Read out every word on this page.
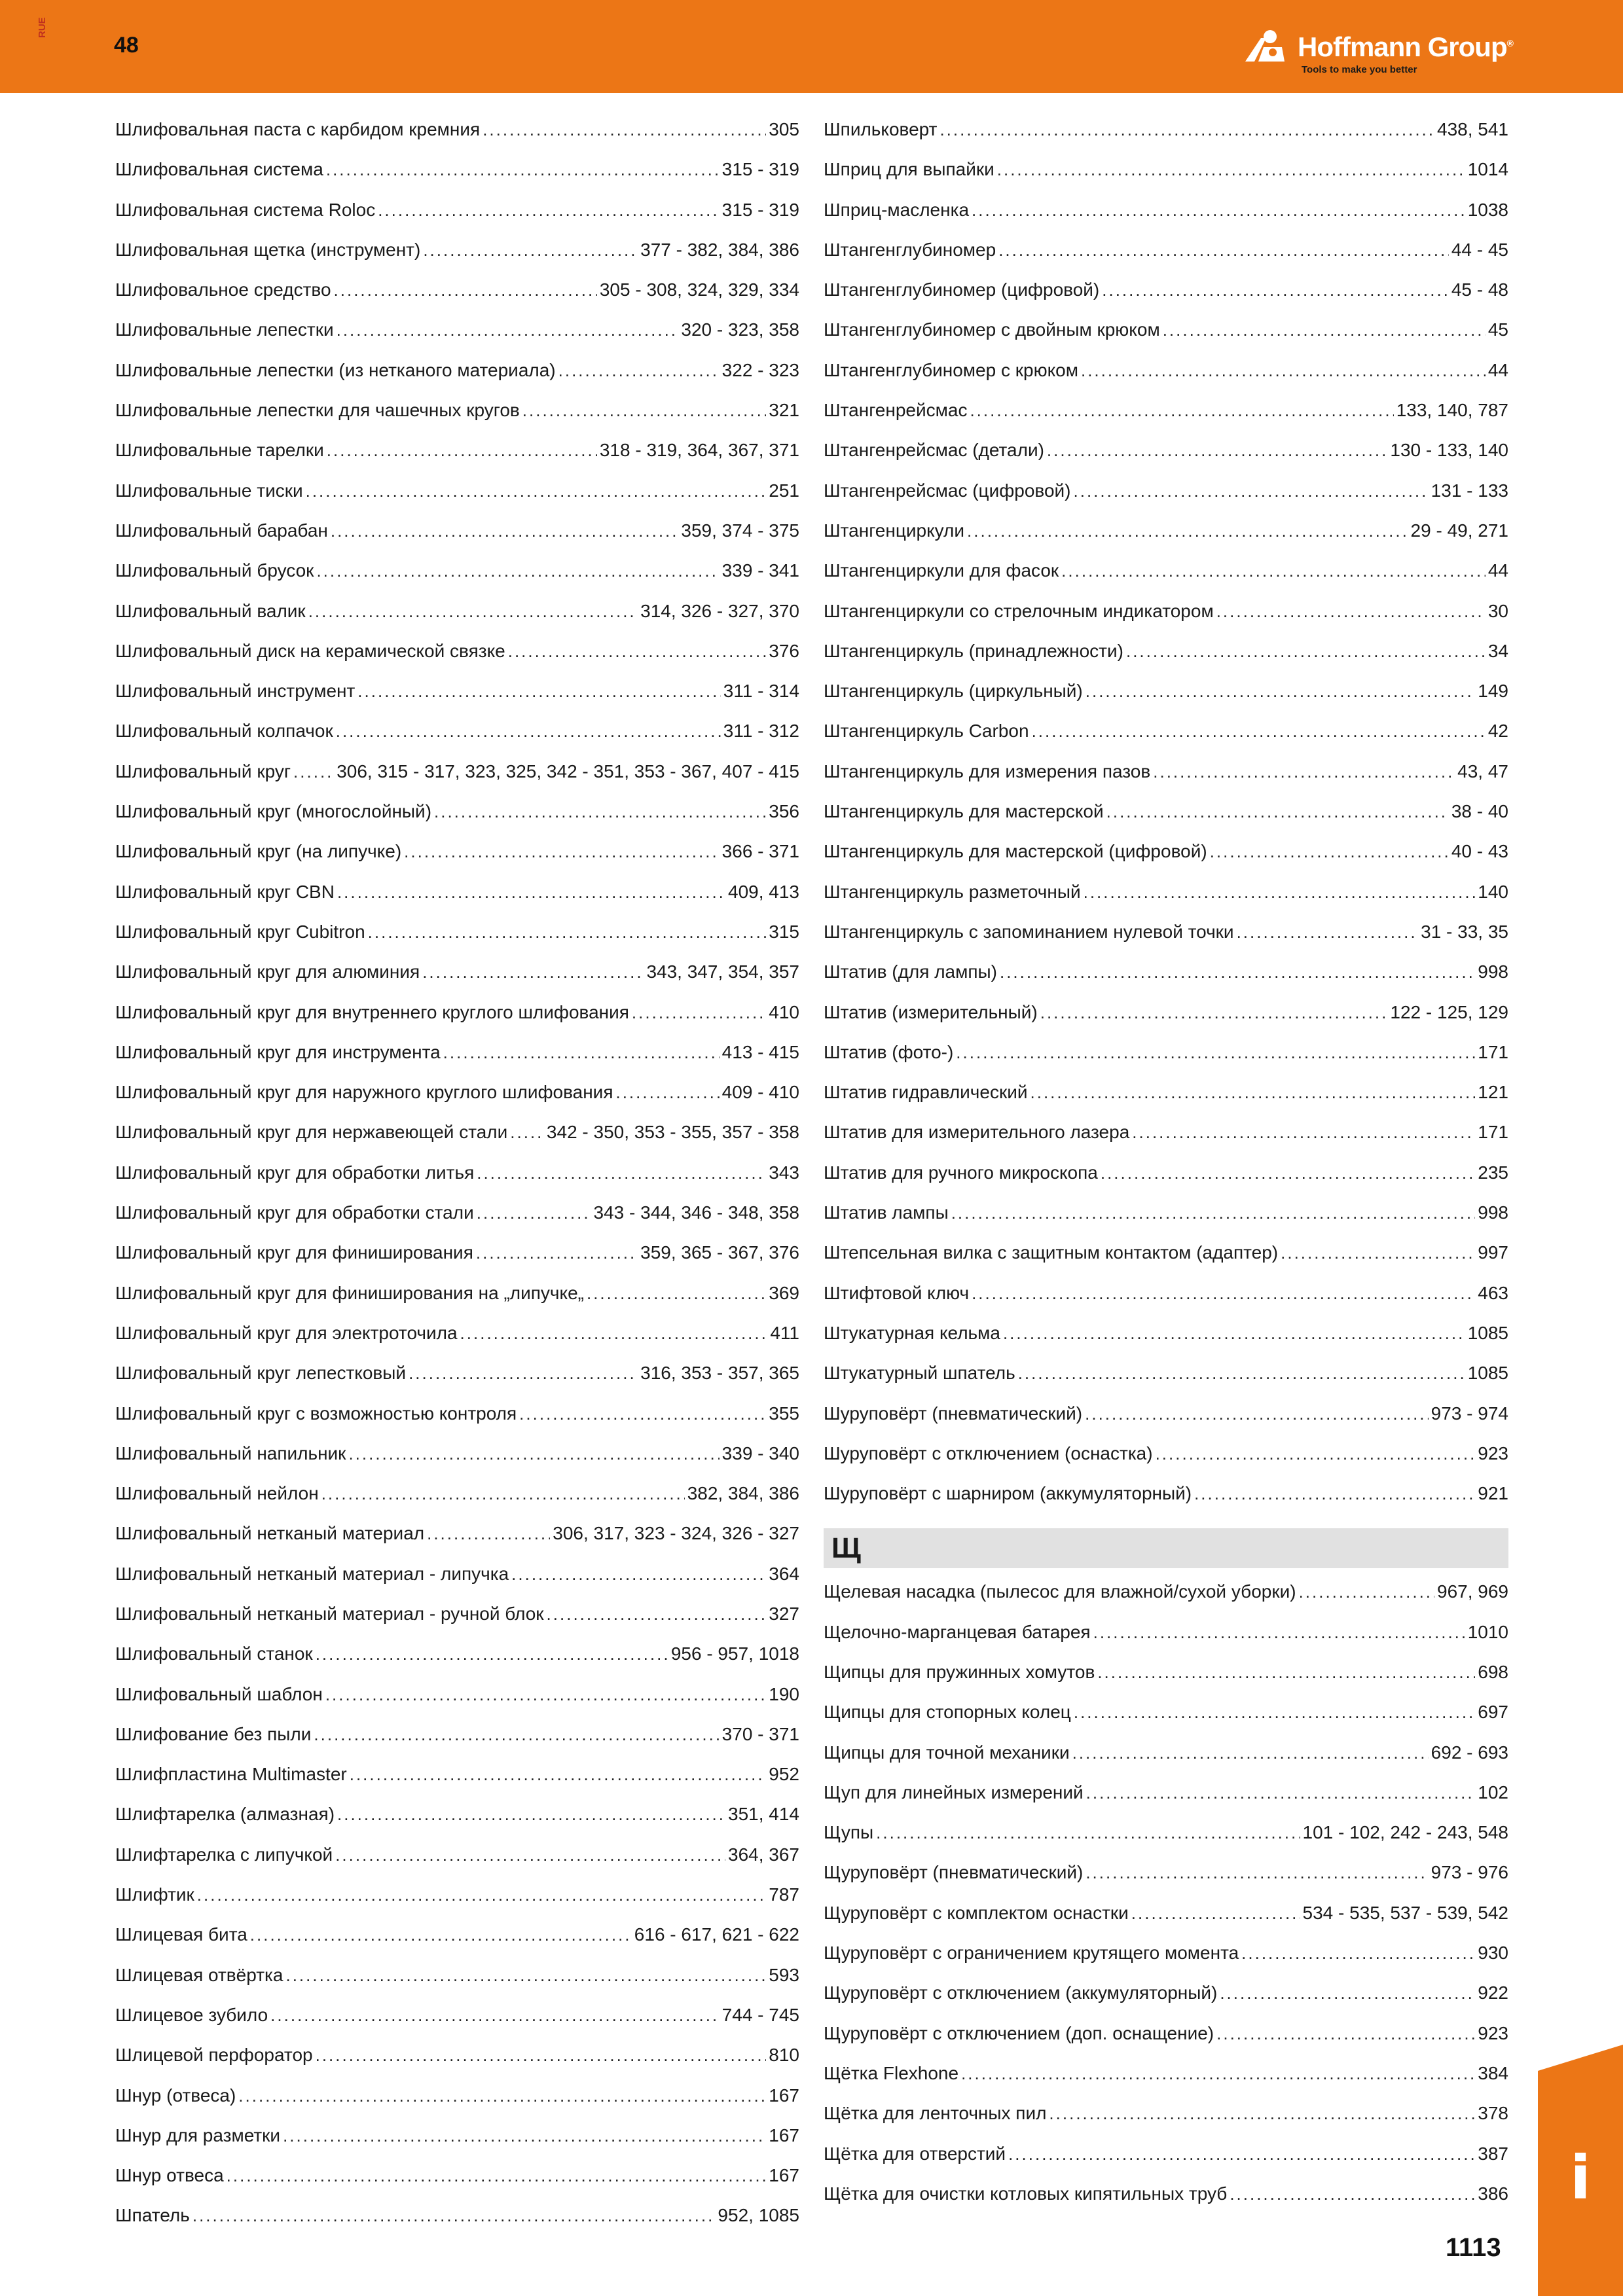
RUE
48	Hoffmann Group®
Tools to make you better
Шлифовальная паста с карбидом кремния .....	305
Шлифовальная система .....	315 - 319
Шлифовальная система Roloc .....	315 - 319
Шлифовальная щетка (инструмент) .....	377 - 382, 384, 386
Шлифовальное средство .....	305 - 308, 324, 329, 334
Шлифовальные лепестки .....	320 - 323, 358
Шлифовальные лепестки (из нетканого материала) .....	322 - 323
Шлифовальные лепестки для чашечных кругов .....	321
Шлифовальные тарелки .....	318 - 319, 364, 367, 371
Шлифовальные тиски .....	251
Шлифовальный барабан .....	359, 374 - 375
Шлифовальный брусок .....	339 - 341
Шлифовальный валик .....	314, 326 - 327, 370
Шлифовальный диск на керамической связке .....	376
Шлифовальный инструмент .....	311 - 314
Шлифовальный колпачок .....	311 - 312
Шлифовальный круг .....	306, 315 - 317, 323, 325, 342 - 351, 353 - 367, 407 - 415
Шлифовальный круг (многослойный) .....	356
Шлифовальный круг (на липучке) .....	366 - 371
Шлифовальный круг CBN .....	409, 413
Шлифовальный круг Cubitron .....	315
Шлифовальный круг для алюминия .....	343, 347, 354, 357
Шлифовальный круг для внутреннего круглого шлифования .....	410
Шлифовальный круг для инструмента .....	413 - 415
Шлифовальный круг для наружного круглого шлифования .....	409 - 410
Шлифовальный круг для нержавеющей стали ..... 342 - 350, 353 - 355, 357 - 358
Шлифовальный круг для обработки литья .....	343
Шлифовальный круг для обработки стали .....	343 - 344, 346 - 348, 358
Шлифовальный круг для финиширования .....	359, 365 - 367, 376
Шлифовальный круг для финиширования на „липучке„ .....	369
Шлифовальный круг для электроточила .....	411
Шлифовальный круг лепестковый .....	316, 353 - 357, 365
Шлифовальный круг с возможностью контроля .....	355
Шлифовальный напильник .....	339 - 340
Шлифовальный нейлон .....	382, 384, 386
Шлифовальный нетканый материал .....	306, 317, 323 - 324, 326 - 327
Шлифовальный нетканый материал - липучка .....	364
Шлифовальный нетканый материал - ручной блок .....	327
Шлифовальный станок .....	956 - 957, 1018
Шлифовальный шаблон .....	190
Шлифование без пыли .....	370 - 371
Шлифпластина Multimaster .....	952
Шлифтарелка (алмазная) .....	351, 414
Шлифтарелка с липучкой .....	364, 367
Шлифтик .....	787
Шлицевая бита .....	616 - 617, 621 - 622
Шлицевая отвёртка .....	593
Шлицевое зубило .....	744 - 745
Шлицевой перфоратор .....	810
Шнур (отвеса) .....	167
Шнур для разметки .....	167
Шнур отвеса .....	167
Шпатель .....	952, 1085
Шпильковерт .....	438, 541
Шприц для выпайки .....	1014
Шприц-масленка .....	1038
Штангенглубиномер .....	44 - 45
Штангенглубиномер (цифровой) .....	45 - 48
Штангенглубиномер с двойным крюком .....	45
Штангенглубиномер с крюком .....	44
Штангенрейсмас .....	133, 140, 787
Штангенрейсмас (детали) .....	130 - 133, 140
Штангенрейсмас (цифровой) .....	131 - 133
Штангенциркули .....	29 - 49, 271
Штангенциркули для фасок .....	44
Штангенциркули со стрелочным индикатором .....	30
Штангенциркуль (принадлежности) .....	34
Штангенциркуль (циркульный) .....	149
Штангенциркуль Carbon .....	42
Штангенциркуль для измерения пазов .....	43, 47
Штангенциркуль для мастерской .....	38 - 40
Штангенциркуль для мастерской (цифровой) .....	40 - 43
Штангенциркуль разметочный .....	140
Штангенциркуль с запоминанием нулевой точки .....	31 - 33, 35
Штатив (для лампы) .....	998
Штатив (измерительный) .....	122 - 125, 129
Штатив (фото-) .....	171
Штатив гидравлический .....	121
Штатив для измерительного лазера .....	171
Штатив для ручного микроскопа .....	235
Штатив лампы .....	998
Штепсельная вилка с защитным контактом (адаптер) .....	997
Штифтовой ключ .....	463
Штукатурная кельма .....	1085
Штукатурный шпатель .....	1085
Шуруповёрт (пневматический) .....	973 - 974
Шуруповёрт с отключением (оснастка) .....	923
Шуруповёрт с шарниром (аккумуляторный) .....	921
Щ
Щелевая насадка (пылесос для влажной/сухой уборки) .....	967, 969
Щелочно-марганцевая батарея .....	1010
Щипцы для пружинных хомутов .....	698
Щипцы для стопорных колец .....	697
Щипцы для точной механики .....	692 - 693
Щуп для линейных измерений .....	102
Щупы .....	101 - 102, 242 - 243, 548
Щуруповёрт (пневматический) .....	973 - 976
Щуруповёрт с комплектом оснастки .....	534 - 535, 537 - 539, 542
Щуруповёрт с ограничением крутящего момента .....	930
Щуруповёрт с отключением (аккумуляторный) .....	922
Щуруповёрт с отключением (доп. оснащение) .....	923
Щётка Flexhone .....	384
Щётка для ленточных пил .....	378
Щётка для отверстий .....	387
Щётка для очистки котловых кипятильных труб .....	386	i
1113
